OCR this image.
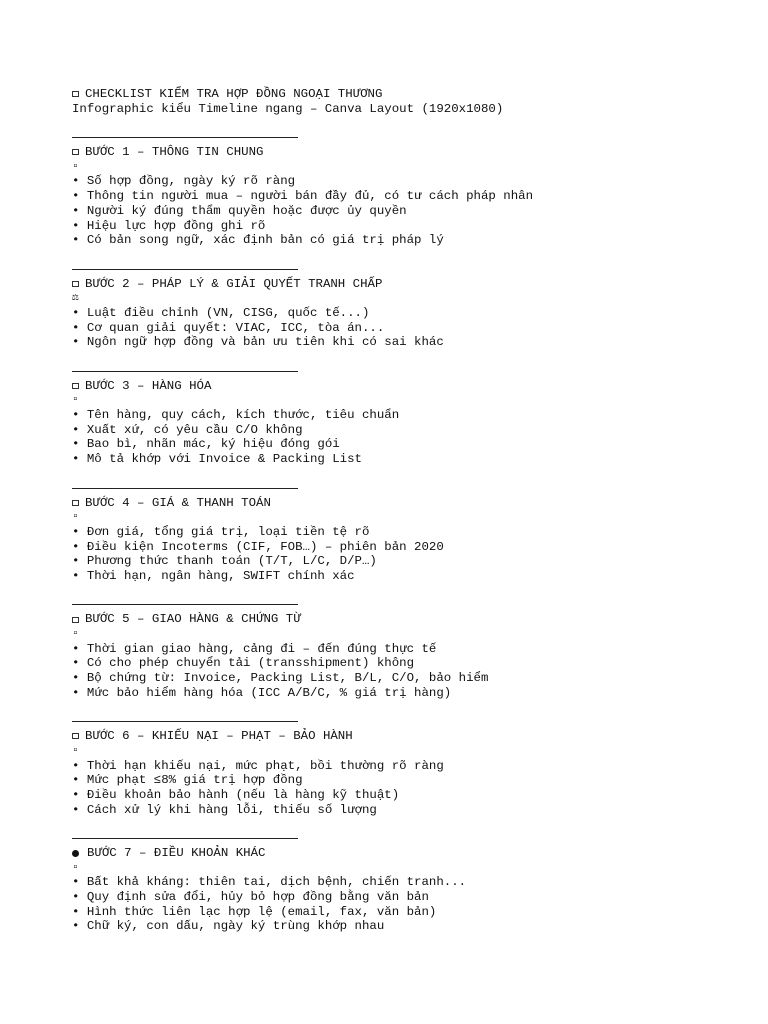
CHECKLIST KIỂM TRA HỢP ĐỒNG NGOẠI THƯƠNG
Infographic kiểu Timeline ngang – Canva Layout (1920x1080)
BƯỚC 1 – THÔNG TIN CHUNG
▫
• Số hợp đồng, ngày ký rõ ràng
• Thông tin người mua – người bán đầy đủ, có tư cách pháp nhân
• Người ký đúng thẩm quyền hoặc được ủy quyền
• Hiệu lực hợp đồng ghi rõ
• Có bản song ngữ, xác định bản có giá trị pháp lý
BƯỚC 2 – PHÁP LÝ & GIẢI QUYẾT TRANH CHẤP
⚖
• Luật điều chỉnh (VN, CISG, quốc tế...)
• Cơ quan giải quyết: VIAC, ICC, tòa án...
• Ngôn ngữ hợp đồng và bản ưu tiên khi có sai khác
BƯỚC 3 – HÀNG HÓA
▫
• Tên hàng, quy cách, kích thước, tiêu chuẩn
• Xuất xứ, có yêu cầu C/O không
• Bao bì, nhãn mác, ký hiệu đóng gói
• Mô tả khớp với Invoice & Packing List
BƯỚC 4 – GIÁ & THANH TOÁN
▫
• Đơn giá, tổng giá trị, loại tiền tệ rõ
• Điều kiện Incoterms (CIF, FOB…) – phiên bản 2020
• Phương thức thanh toán (T/T, L/C, D/P…)
• Thời hạn, ngân hàng, SWIFT chính xác
BƯỚC 5 – GIAO HÀNG & CHỨNG TỪ
▫
• Thời gian giao hàng, cảng đi – đến đúng thực tế
• Có cho phép chuyển tải (transshipment) không
• Bộ chứng từ: Invoice, Packing List, B/L, C/O, bảo hiểm
• Mức bảo hiểm hàng hóa (ICC A/B/C, % giá trị hàng)
BƯỚC 6 – KHIẾU NẠI – PHẠT – BẢO HÀNH
▫
• Thời hạn khiếu nại, mức phạt, bồi thường rõ ràng
• Mức phạt ≤8% giá trị hợp đồng
• Điều khoản bảo hành (nếu là hàng kỹ thuật)
• Cách xử lý khi hàng lỗi, thiếu số lượng
BƯỚC 7 – ĐIỀU KHOẢN KHÁC
▫
• Bất khả kháng: thiên tai, dịch bệnh, chiến tranh...
• Quy định sửa đổi, hủy bỏ hợp đồng bằng văn bản
• Hình thức liên lạc hợp lệ (email, fax, văn bản)
• Chữ ký, con dấu, ngày ký trùng khớp nhau
